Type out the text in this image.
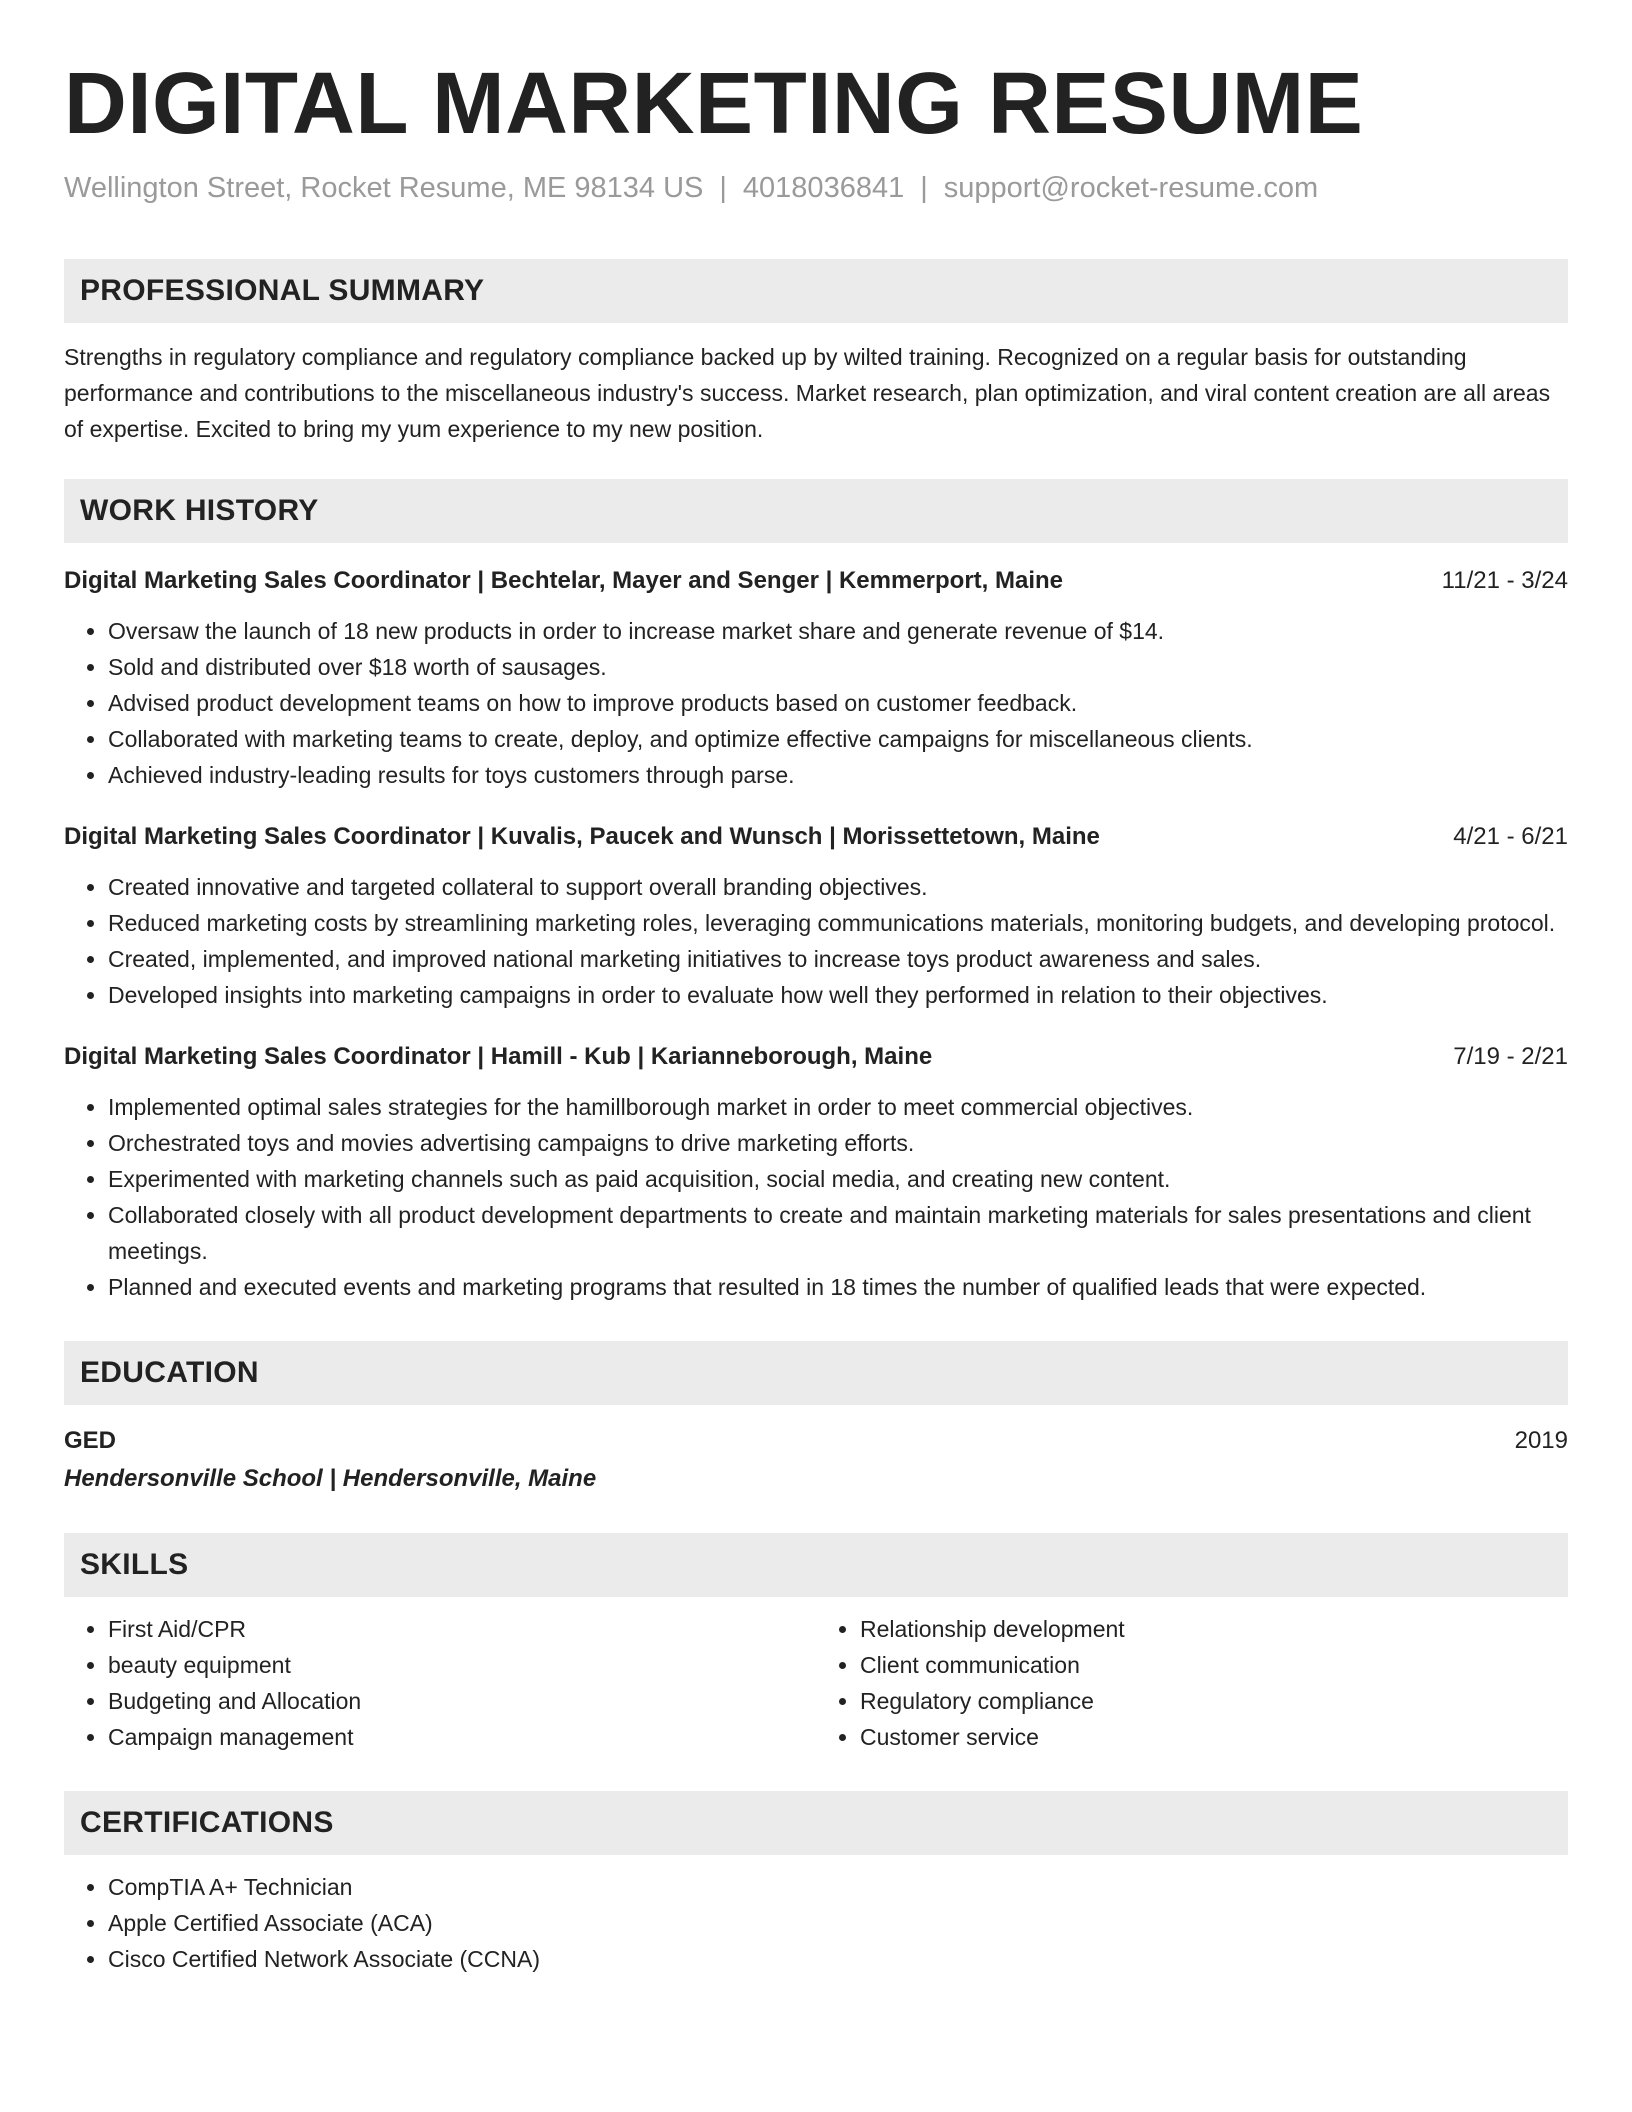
DIGITAL MARKETING RESUME
Wellington Street, Rocket Resume, ME 98134 US | 4018036841 | support@rocket-resume.com
PROFESSIONAL SUMMARY

Strengths in regulatory compliance and regulatory compliance backed up by wilted training. Recognized on a regular basis for outstanding performance and contributions to the miscellaneous industry's success. Market research, plan optimization, and viral content creation are all areas of expertise. Excited to bring my yum experience to my new position.

WORK HISTORY
Digital Marketing Sales Coordinator | Bechtelar, Mayer and Senger | Kemmerport, Maine	11/21 - 3/24
• Oversaw the launch of 18 new products in order to increase market share and generate revenue of $14.
• Sold and distributed over $18 worth of sausages.
• Advised product development teams on how to improve products based on customer feedback.
• Collaborated with marketing teams to create, deploy, and optimize effective campaigns for miscellaneous clients.
• Achieved industry-leading results for toys customers through parse.
Digital Marketing Sales Coordinator | Kuvalis, Paucek and Wunsch | Morissettetown, Maine	4/21 - 6/21
• Created innovative and targeted collateral to support overall branding objectives.
• Reduced marketing costs by streamlining marketing roles, leveraging communications materials, monitoring budgets, and developing protocol.
• Created, implemented, and improved national marketing initiatives to increase toys product awareness and sales.
• Developed insights into marketing campaigns in order to evaluate how well they performed in relation to their objectives.
Digital Marketing Sales Coordinator | Hamill - Kub | Karianneborough, Maine	7/19 - 2/21
• Implemented optimal sales strategies for the hamillborough market in order to meet commercial objectives.
• Orchestrated toys and movies advertising campaigns to drive marketing efforts.
• Experimented with marketing channels such as paid acquisition, social media, and creating new content.
• Collaborated closely with all product development departments to create and maintain marketing materials for sales presentations and client meetings.
• Planned and executed events and marketing programs that resulted in 18 times the number of qualified leads that were expected.
EDUCATION
GED	2019
Hendersonville School | Hendersonville, Maine
SKILLS
• First Aid/CPR
• beauty equipment
• Budgeting and Allocation
• Campaign management
• Relationship development
• Client communication
• Regulatory compliance
• Customer service
CERTIFICATIONS
• CompTIA A+ Technician
• Apple Certified Associate (ACA)
• Cisco Certified Network Associate (CCNA)
